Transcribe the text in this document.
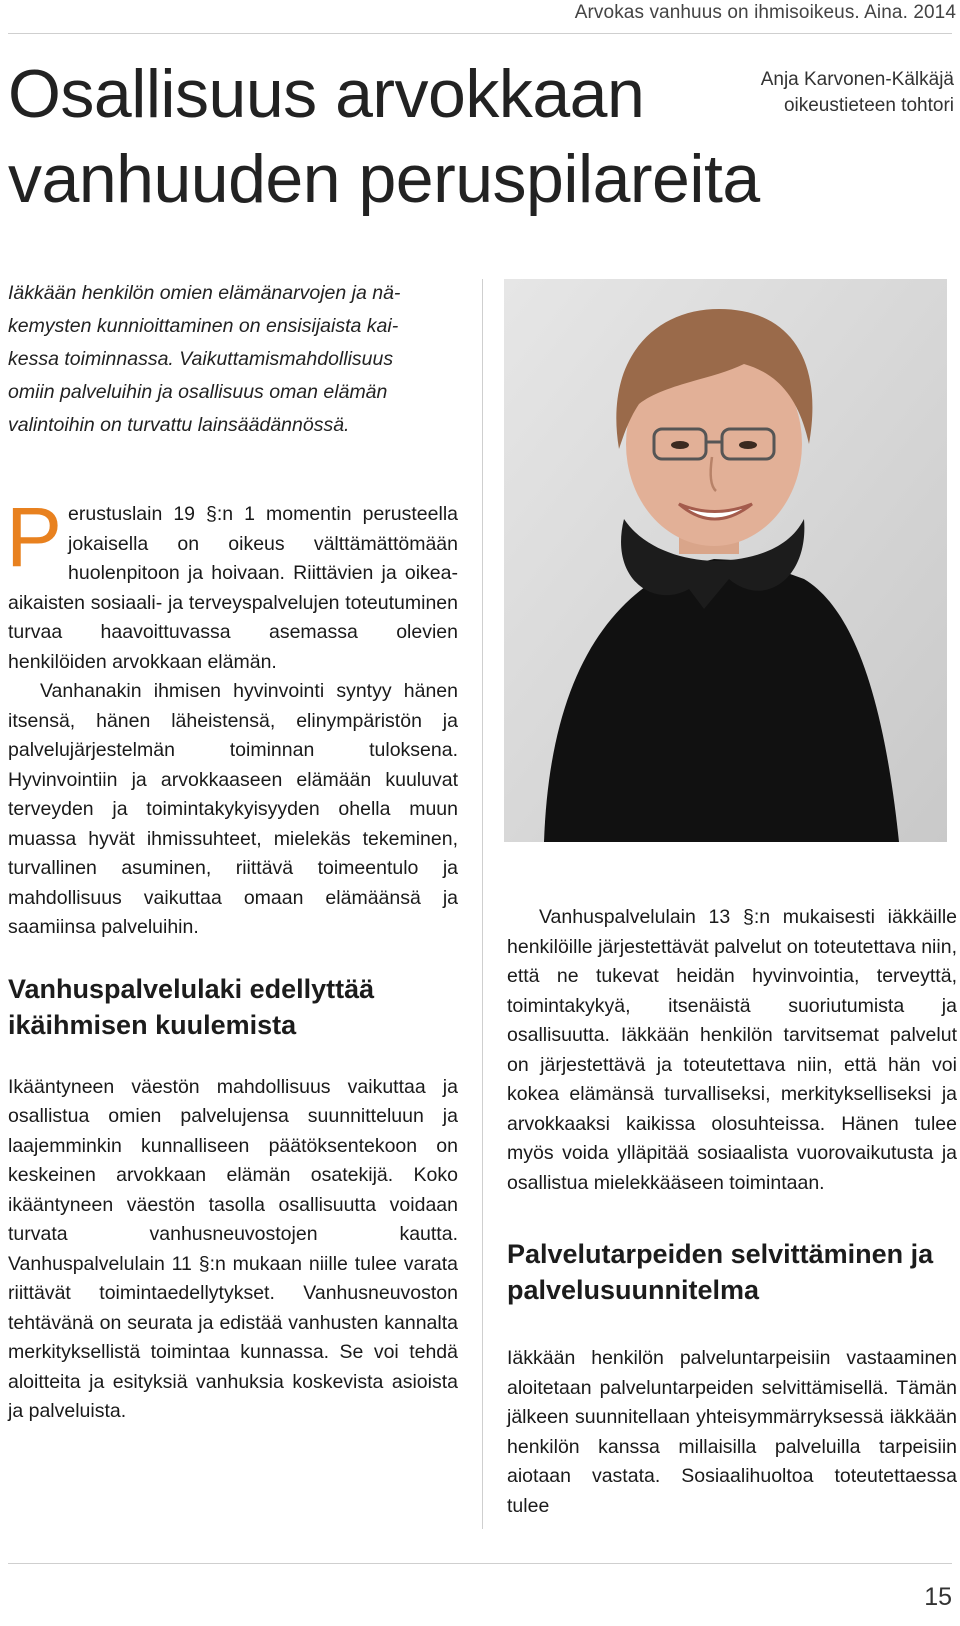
Arvokas vanhuus on ihmisoikeus. Aina. 2014
Osallisuus arvokkaan
vanhuuden peruspilareita
Anja Karvonen-Kälkäjä
oikeustieteen tohtori

Iäkkään henkilön omien elämänarvojen ja nä-
kemysten kunnioittaminen on ensisijaista kai-
kessa toiminnassa. Vaikuttamismahdollisuus
omiin palveluihin ja osallisuus oman elämän
valintoihin on turvattu lainsäädännössä.

Perustuslain 19 §:n 1 momentin perusteella jokaisella on oikeus välttämättömään huolenpitoon ja hoivaan. Riittävien ja oikea-aikaisten sosiaali- ja terveyspalvelujen toteutuminen turvaa haavoittuvassa asemassa olevien henkilöiden arvokkaan elämän.

Vanhanakin ihmisen hyvinvointi syntyy hänen itsensä, hänen läheistensä, elinympäristön ja palvelujärjestelmän toiminnan tuloksena. Hyvinvointiin ja arvokkaaseen elämään kuuluvat terveyden ja toimintakykyisyyden ohella muun muassa hyvät ihmissuhteet, mielekäs tekeminen, turvallinen asuminen, riittävä toimeentulo ja mahdollisuus vaikuttaa omaan elämäänsä ja saamiinsa palveluihin.

Vanhuspalvelulaki edellyttää ikäihmisen kuulemista

Ikääntyneen väestön mahdollisuus vaikuttaa ja osallistua omien palvelujensa suunnitteluun ja laajemminkin kunnalliseen päätöksentekoon on keskeinen arvokkaan elämän osatekijä. Koko ikääntyneen väestön tasolla osallisuutta voidaan turvata vanhusneuvostojen kautta. Vanhuspalvelulain 11 §:n mukaan niille tulee varata riittävät toimintaedellytykset. Vanhusneuvoston tehtävänä on seurata ja edistää vanhusten kannalta merkityksellistä toimintaa kunnassa. Se voi tehdä aloitteita ja esityksiä vanhuksia koskevista asioista ja palveluista.

Vanhuspalvelulain 13 §:n mukaisesti iäkkäille henkilöille järjestettävät palvelut on toteutettava niin, että ne tukevat heidän hyvinvointia, terveyttä, toimintakykyä, itsenäistä suoriutumista ja osallisuutta. Iäkkään henkilön tarvitsemat palvelut on järjestettävä ja toteutettava niin, että hän voi kokea elämänsä turvalliseksi, merkitykselliseksi ja arvokkaaksi kaikissa olosuhteissa. Hänen tulee myös voida ylläpitää sosiaalista vuorovaikutusta ja osallistua mielekkääseen toimintaan.

Palvelutarpeiden selvittäminen ja palvelusuunnitelma

Iäkkään henkilön palveluntarpeisiin vastaaminen aloitetaan palveluntarpeiden selvittämisellä. Tämän jälkeen suunnitellaan yhteisymmärryksessä iäkkään henkilön kanssa millaisilla palveluilla tarpeisiin aiotaan vastata. Sosiaalihuoltoa toteutettaessa tulee

15
